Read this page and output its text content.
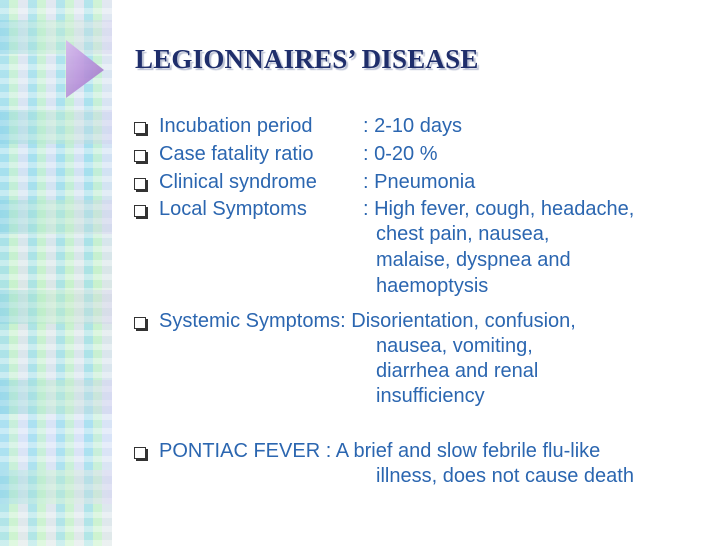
LEGIONNAIRES’ DISEASE
Incubation period	: 2-10 days
Case fatality ratio : 0-20 %
Clinical syndrome : Pneumonia
Local Symptoms	: High fever, cough, headache,
chest pain, nausea,
malaise, dyspnea and
haemoptysis
Systemic Symptoms: Disorientation, confusion,
nausea, vomiting,
diarrhea and renal
insufficiency
PONTIAC FEVER : A brief and slow febrile flu-like
illness, does not cause death
